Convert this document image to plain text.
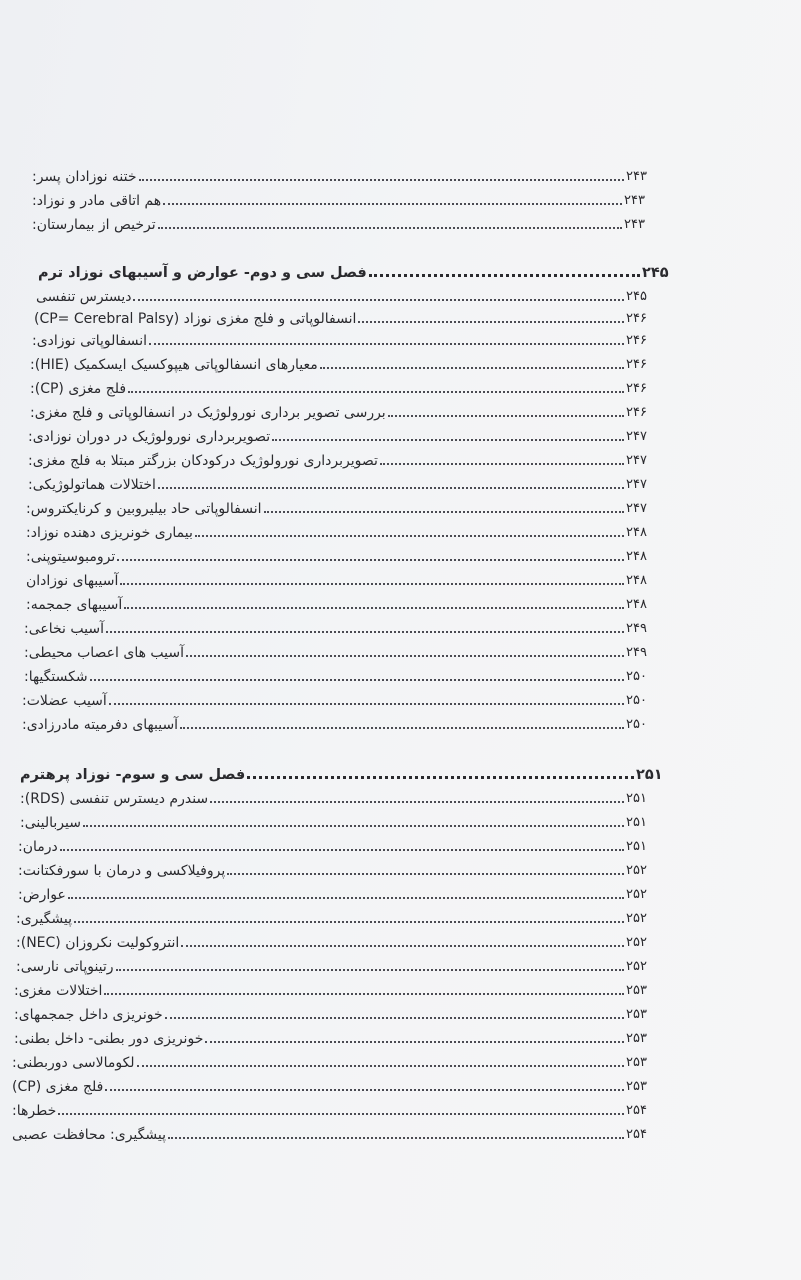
ختنه نوزادان پسر:	۲۴۳
هم اتاقی مادر و نوزاد:	۲۴۳
ترخیص از بیمارستان:	۲۴۳
فصل سی و دوم- عوارض و آسیبهای نوزاد ترم	۲۴۵
دیسترس تنفسی	۲۴۵
انسفالوپاتی و فلج مغزی نوزاد (CP= Cerebral Palsy)	۲۴۶
انسفالوپاتی نوزادی:	۲۴۶
معیارهای انسفالوپاتی هیپوکسیک ایسکمیک (HIE):	۲۴۶
فلج مغزی (CP):	۲۴۶
بررسی تصویر برداری نورولوژیک در انسفالوپاتی و فلج مغزی:	۲۴۶
تصویربرداری نورولوژیک در دوران نوزادی:	۲۴۷
تصویربرداری نورولوژیک درکودکان بزرگتر مبتلا به فلج مغزی:	۲۴۷
اختلالات هماتولوژیکی:	۲۴۷
انسفالوپاتی حاد بیلیروبین و کرنایکتروس:	۲۴۷
بیماری خونریزی دهنده نوزاد:	۲۴۸
ترومبوسیتوپنی:	۲۴۸
آسیبهای نوزادان	۲۴۸
آسیبهای جمجمه:	۲۴۸
آسیب نخاعی:	۲۴۹
آسیب های اعصاب محیطی:	۲۴۹
شکستگیها:	۲۵۰
آسیب عضلات:	۲۵۰
آسیبهای دفرمیته مادرزادی:	۲۵۰
فصل سی و سوم- نوزاد پرهترم	۲۵۱
سندرم دیسترس تنفسی (RDS):	۲۵۱
سیربالینی:	۲۵۱
درمان:	۲۵۱
پروفیلاکسی و درمان با سورفکتانت:	۲۵۲
عوارض:	۲۵۲
پیشگیری:	۲۵۲
انتروکولیت نکروزان (NEC):	۲۵۲
رتینوپاتی نارسی:	۲۵۲
اختلالات مغزی:	۲۵۳
خونریزی داخل جمجمهای:	۲۵۳
خونریزی دور بطنی- داخل بطنی:	۲۵۳
لکومالاسی دوربطنی:	۲۵۳
فلج مغزی (CP)	۲۵۳
خطرها:	۲۵۴
پیشگیری: محافظت عصبی	۲۵۴
